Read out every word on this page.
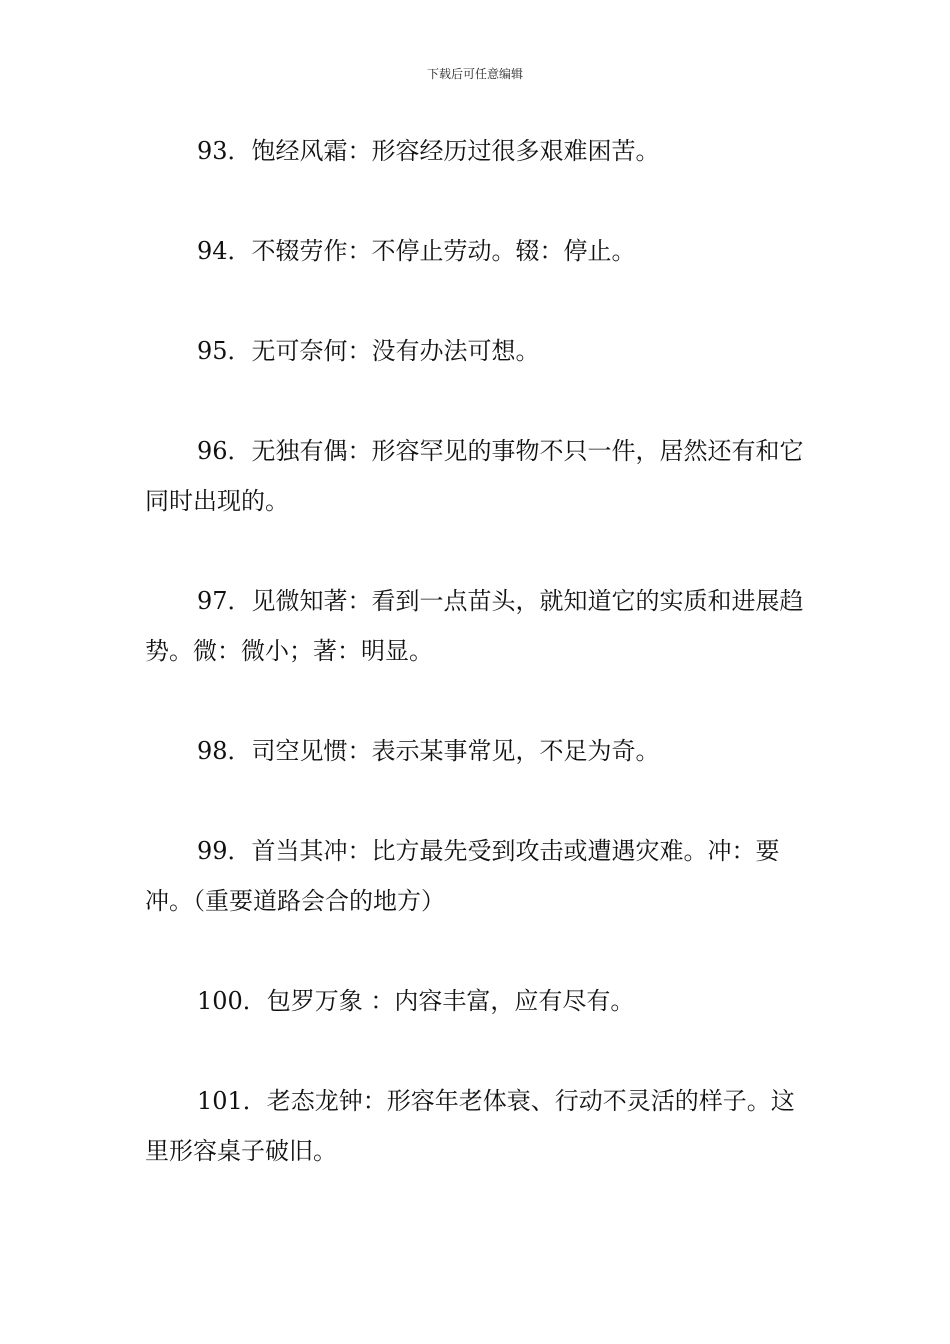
下载后可任意编辑

93．饱经风霜：形容经历过很多艰难困苦。

94．不辍劳作：不停止劳动。辍：停止。

95．无可奈何：没有办法可想。

96．无独有偶：形容罕见的事物不只一件，居然还有和它同时出现的。

97．见微知著：看到一点苗头，就知道它的实质和进展趋势。微：微小；著：明显。

98．司空见惯：表示某事常见，不足为奇。

99．首当其冲：比方最先受到攻击或遭遇灾难。冲：要冲。（重要道路会合的地方）

100．包罗万象 ：内容丰富，应有尽有。

101．老态龙钟：形容年老体衰、行动不灵活的样子。这里形容桌子破旧。
